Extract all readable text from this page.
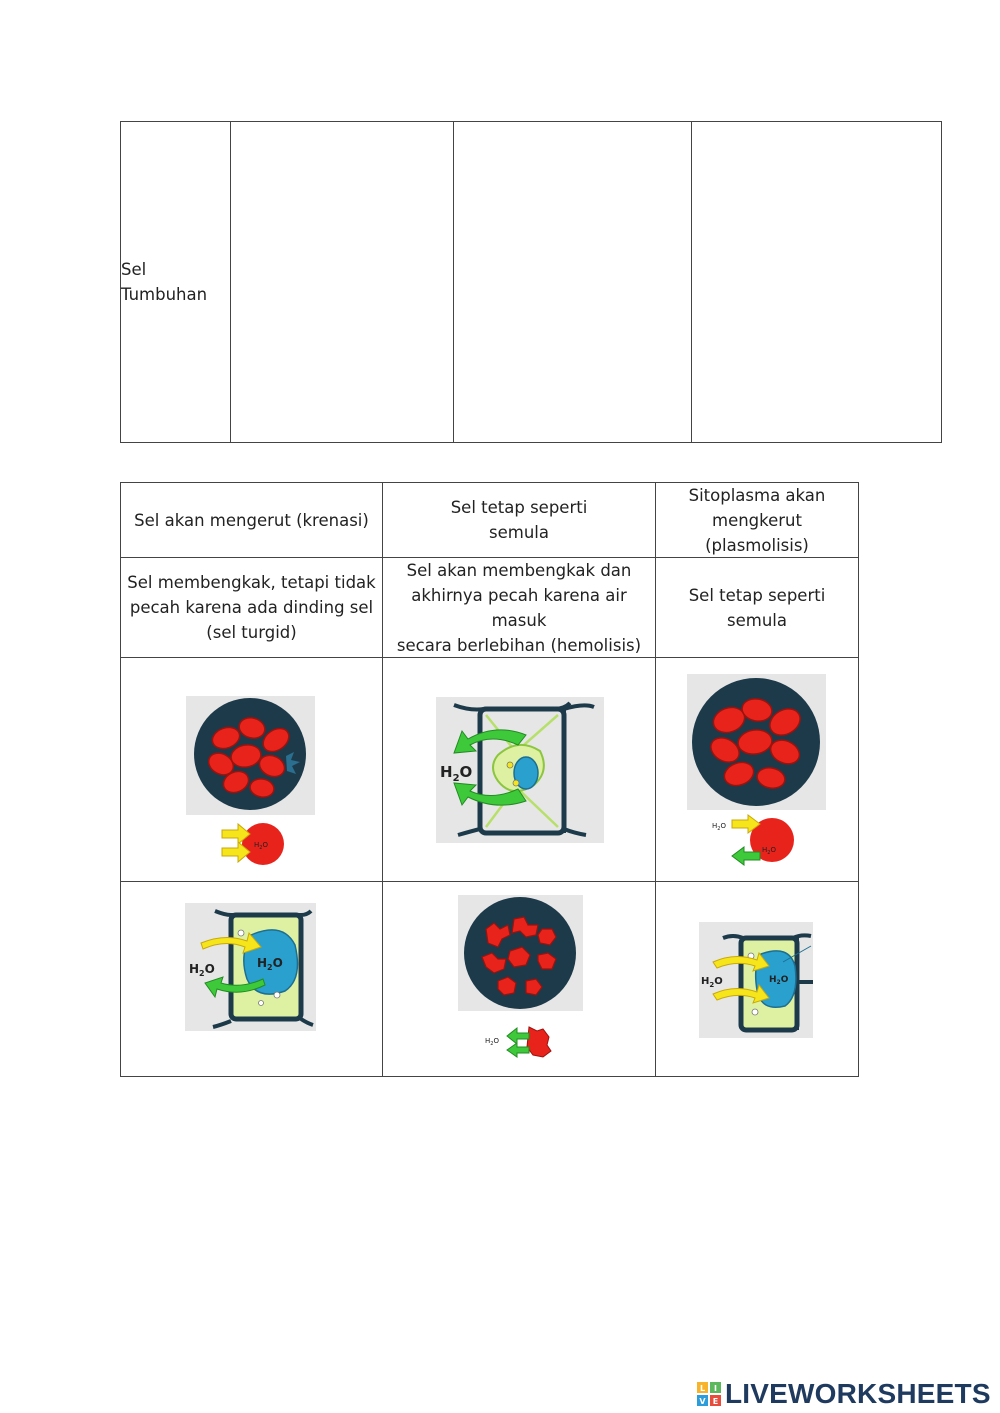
Sel
Tumbuhan
Sel akan mengerut (krenasi)
Sel tetap seperti
semula
Sitoplasma akan
mengkerut (plasmolisis)
Sel membengkak, tetapi tidak
pecah karena ada dinding sel
(sel turgid)
Sel akan membengkak dan
akhirnya pecah karena air masuk
secara berlebihan (hemolisis)
Sel tetap seperti
semula
$H_2O$
$H_2O$
$H_2O$
$H_2O$
$H_2O$	$H_2O$
$H_2O$
$H_2O$	$H_2O$
L I
V E LIVEWORKSHEETS
